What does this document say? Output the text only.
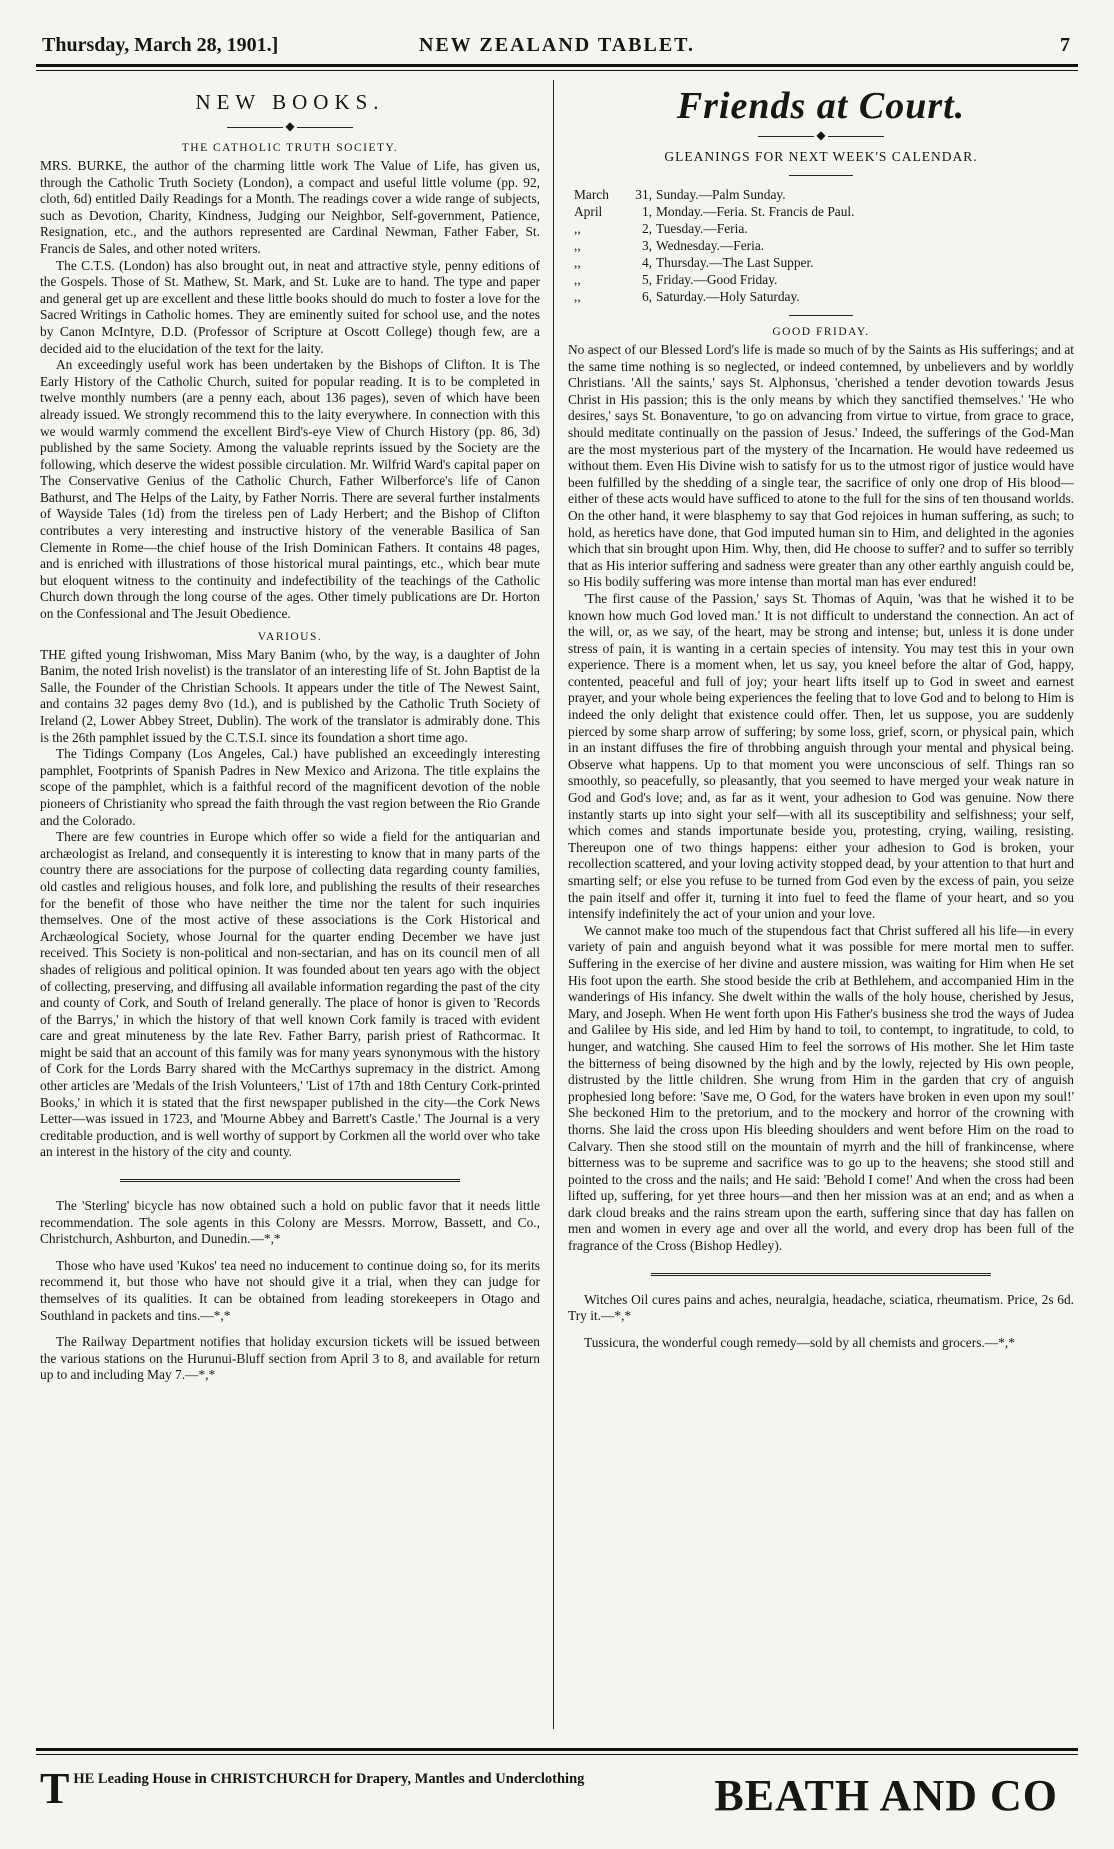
Thursday, March 28, 1901.]	NEW ZEALAND TABLET.	7
NEW BOOKS.
◆
THE CATHOLIC TRUTH SOCIETY.

MRS. BURKE, the author of the charming little work The Value of Life, has given us, through the Catholic Truth Society (London), a compact and useful little volume (pp. 92, cloth, 6d) entitled Daily Readings for a Month. The readings cover a wide range of subjects, such as Devotion, Charity, Kindness, Judging our Neighbor, Self-government, Patience, Resignation, etc., and the authors represented are Cardinal Newman, Father Faber, St. Francis de Sales, and other noted writers.

The C.T.S. (London) has also brought out, in neat and attractive style, penny editions of the Gospels. Those of St. Mathew, St. Mark, and St. Luke are to hand. The type and paper and general get up are excellent and these little books should do much to foster a love for the Sacred Writings in Catholic homes. They are eminently suited for school use, and the notes by Canon McIntyre, D.D. (Professor of Scripture at Oscott College) though few, are a decided aid to the elucidation of the text for the laity.

An exceedingly useful work has been undertaken by the Bishops of Clifton. It is The Early History of the Catholic Church, suited for popular reading. It is to be completed in twelve monthly numbers (are a penny each, about 136 pages), seven of which have been already issued. We strongly recommend this to the laity everywhere. In connection with this we would warmly commend the excellent Bird's-eye View of Church History (pp. 86, 3d) published by the same Society. Among the valuable reprints issued by the Society are the following, which deserve the widest possible circulation. Mr. Wilfrid Ward's capital paper on The Conservative Genius of the Catholic Church, Father Wilberforce's life of Canon Bathurst, and The Helps of the Laity, by Father Norris. There are several further instalments of Wayside Tales (1d) from the tireless pen of Lady Herbert; and the Bishop of Clifton contributes a very interesting and instructive history of the venerable Basilica of San Clemente in Rome—the chief house of the Irish Dominican Fathers. It contains 48 pages, and is enriched with illustrations of those historical mural paintings, etc., which bear mute but eloquent witness to the continuity and indefectibility of the teachings of the Catholic Church down through the long course of the ages. Other timely publications are Dr. Horton on the Confessional and The Jesuit Obedience.

VARIOUS.

THE gifted young Irishwoman, Miss Mary Banim (who, by the way, is a daughter of John Banim, the noted Irish novelist) is the translator of an interesting life of St. John Baptist de la Salle, the Founder of the Christian Schools. It appears under the title of The Newest Saint, and contains 32 pages demy 8vo (1d.), and is published by the Catholic Truth Society of Ireland (2, Lower Abbey Street, Dublin). The work of the translator is admirably done. This is the 26th pamphlet issued by the C.T.S.I. since its foundation a short time ago.

The Tidings Company (Los Angeles, Cal.) have published an exceedingly interesting pamphlet, Footprints of Spanish Padres in New Mexico and Arizona. The title explains the scope of the pamphlet, which is a faithful record of the magnificent devotion of the noble pioneers of Christianity who spread the faith through the vast region between the Rio Grande and the Colorado.

There are few countries in Europe which offer so wide a field for the antiquarian and archæologist as Ireland, and consequently it is interesting to know that in many parts of the country there are associations for the purpose of collecting data regarding county families, old castles and religious houses, and folk lore, and publishing the results of their researches for the benefit of those who have neither the time nor the talent for such inquiries themselves. One of the most active of these associations is the Cork Historical and Archæological Society, whose Journal for the quarter ending December we have just received. This Society is non-political and non-sectarian, and has on its council men of all shades of religious and political opinion. It was founded about ten years ago with the object of collecting, preserving, and diffusing all available information regarding the past of the city and county of Cork, and South of Ireland generally. The place of honor is given to 'Records of the Barrys,' in which the history of that well known Cork family is traced with evident care and great minuteness by the late Rev. Father Barry, parish priest of Rathcormac. It might be said that an account of this family was for many years synonymous with the history of Cork for the Lords Barry shared with the McCarthys supremacy in the district. Among other articles are 'Medals of the Irish Volunteers,' 'List of 17th and 18th Century Cork-printed Books,' in which it is stated that the first newspaper published in the city—the Cork News Letter—was issued in 1723, and 'Mourne Abbey and Barrett's Castle.' The Journal is a very creditable production, and is well worthy of support by Corkmen all the world over who take an interest in the history of the city and county.

The 'Sterling' bicycle has now obtained such a hold on public favor that it needs little recommendation. The sole agents in this Colony are Messrs. Morrow, Bassett, and Co., Christchurch, Ashburton, and Dunedin.—*,*

Those who have used 'Kukos' tea need no inducement to continue doing so, for its merits recommend it, but those who have not should give it a trial, when they can judge for themselves of its qualities. It can be obtained from leading storekeepers in Otago and Southland in packets and tins.—*,*

The Railway Department notifies that holiday excursion tickets will be issued between the various stations on the Hurunui-Bluff section from April 3 to 8, and available for return up to and including May 7.—*,*

Friends at Court.
◆
GLEANINGS FOR NEXT WEEK'S CALENDAR.
March	31, Sunday.—Palm Sunday.
April	1, Monday.—Feria. St. Francis de Paul.
,,	2, Tuesday.—Feria.
,,	3, Wednesday.—Feria.
,,	4, Thursday.—The Last Supper.
,,	5, Friday.—Good Friday.
,,	6, Saturday.—Holy Saturday.
GOOD FRIDAY.

No aspect of our Blessed Lord's life is made so much of by the Saints as His sufferings; and at the same time nothing is so neglected, or indeed contemned, by unbelievers and by worldly Christians. 'All the saints,' says St. Alphonsus, 'cherished a tender devotion towards Jesus Christ in His passion; this is the only means by which they sanctified themselves.' 'He who desires,' says St. Bonaventure, 'to go on advancing from virtue to virtue, from grace to grace, should meditate continually on the passion of Jesus.' Indeed, the sufferings of the God-Man are the most mysterious part of the mystery of the Incarnation. He would have redeemed us without them. Even His Divine wish to satisfy for us to the utmost rigor of justice would have been fulfilled by the shedding of a single tear, the sacrifice of only one drop of His blood—either of these acts would have sufficed to atone to the full for the sins of ten thousand worlds. On the other hand, it were blasphemy to say that God rejoices in human suffering, as such; to hold, as heretics have done, that God imputed human sin to Him, and delighted in the agonies which that sin brought upon Him. Why, then, did He choose to suffer? and to suffer so terribly that as His interior suffering and sadness were greater than any other earthly anguish could be, so His bodily suffering was more intense than mortal man has ever endured!

'The first cause of the Passion,' says St. Thomas of Aquin, 'was that he wished it to be known how much God loved man.' It is not difficult to understand the connection. An act of the will, or, as we say, of the heart, may be strong and intense; but, unless it is done under stress of pain, it is wanting in a certain species of intensity. You may test this in your own experience. There is a moment when, let us say, you kneel before the altar of God, happy, contented, peaceful and full of joy; your heart lifts itself up to God in sweet and earnest prayer, and your whole being experiences the feeling that to love God and to belong to Him is indeed the only delight that existence could offer. Then, let us suppose, you are suddenly pierced by some sharp arrow of suffering; by some loss, grief, scorn, or physical pain, which in an instant diffuses the fire of throbbing anguish through your mental and physical being. Observe what happens. Up to that moment you were unconscious of self. Things ran so smoothly, so peacefully, so pleasantly, that you seemed to have merged your weak nature in God and God's love; and, as far as it went, your adhesion to God was genuine. Now there instantly starts up into sight your self—with all its susceptibility and selfishness; your self, which comes and stands importunate beside you, protesting, crying, wailing, resisting. Thereupon one of two things happens: either your adhesion to God is broken, your recollection scattered, and your loving activity stopped dead, by your attention to that hurt and smarting self; or else you refuse to be turned from God even by the excess of pain, you seize the pain itself and offer it, turning it into fuel to feed the flame of your heart, and so you intensify indefinitely the act of your union and your love.

We cannot make too much of the stupendous fact that Christ suffered all his life—in every variety of pain and anguish beyond what it was possible for mere mortal men to suffer. Suffering in the exercise of her divine and austere mission, was waiting for Him when He set His foot upon the earth. She stood beside the crib at Bethlehem, and accompanied Him in the wanderings of His infancy. She dwelt within the walls of the holy house, cherished by Jesus, Mary, and Joseph. When He went forth upon His Father's business she trod the ways of Judea and Galilee by His side, and led Him by hand to toil, to contempt, to ingratitude, to cold, to hunger, and watching. She caused Him to feel the sorrows of His mother. She let Him taste the bitterness of being disowned by the high and by the lowly, rejected by His own people, distrusted by the little children. She wrung from Him in the garden that cry of anguish prophesied long before: 'Save me, O God, for the waters have broken in even upon my soul!' She beckoned Him to the pretorium, and to the mockery and horror of the crowning with thorns. She laid the cross upon His bleeding shoulders and went before Him on the road to Calvary. Then she stood still on the mountain of myrrh and the hill of frankincense, where bitterness was to be supreme and sacrifice was to go up to the heavens; she stood still and pointed to the cross and the nails; and He said: 'Behold I come!' And when the cross had been lifted up, suffering, for yet three hours—and then her mission was at an end; and as when a dark cloud breaks and the rains stream upon the earth, suffering since that day has fallen on men and women in every age and over all the world, and every drop has been full of the fragrance of the Cross (Bishop Hedley).

Witches Oil cures pains and aches, neuralgia, headache, sciatica, rheumatism. Price, 2s 6d. Try it.—*,*

Tussicura, the wonderful cough remedy—sold by all chemists and grocers.—*,*

T HE Leading House in CHRISTCHURCH for Drapery, Mantles and Underclothing	BEATH AND CO
